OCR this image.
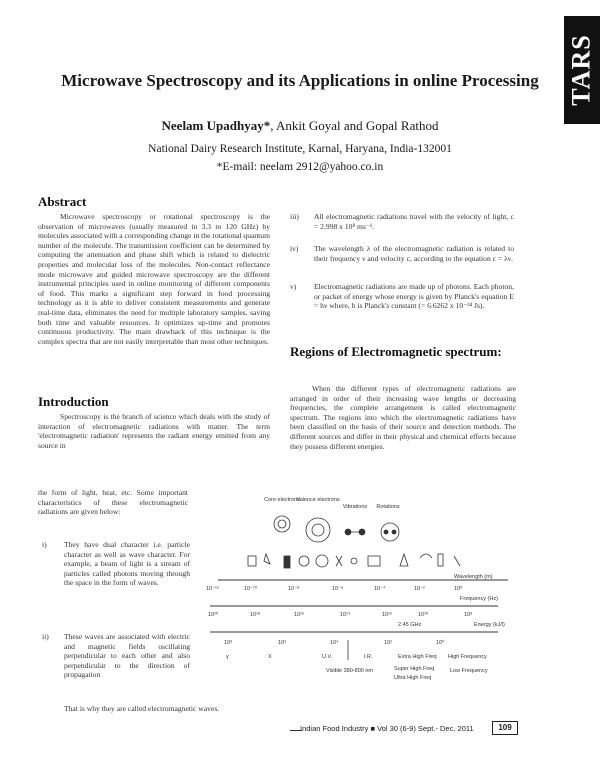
TARS
Microwave Spectroscopy and its Applications in online Processing
Neelam Upadhyay*, Ankit Goyal and Gopal Rathod
National Dairy Research Institute, Karnal, Haryana, India-132001
*E-mail: neelam 2912@yahoo.co.in
Abstract
Microwave spectroscopy or rotational spectroscopy is the observation of microwaves (usually measured in 3.3 to 120 GHz) by molecules associated with a corresponding change in the rotational quantum number of the molecule. The transmission coefficient can be determined by computing the attenuation and phase shift which is related to dielectric properties and molecular loss of the molecules. Non-contact reflectance mode microwave and guided microwave spectroscopy are the different instrumental principles used in online monitoring of different components of food. This marks a significant step forward in food processing technology as it is able to deliver consistent measurements and generate real-time data, eliminates the need for multiple laboratory samples, saving both time and valuable resources. It optimizes up-time and promotes continuous productivity. The main drawback of this technique is the complex spectra that are not easily interpretable than most other techniques.
Introduction
Spectroscopy is the branch of science which deals with the study of interaction of electromagnetic radiations with matter. The term 'electromagnetic radiation' represents the radiant energy emitted from any source in
the form of light, heat, etc. Some important characteristics of these electromagnetic radiations are given below:
i) They have dual character i.e. particle character as well as wave character. For example, a beam of light is a stream of particles called photons moving through the space in the form of waves.
ii) These waves are associated with electric and magnetic fields oscillating perpendicular to each other and also perpendicular to the direction of propagation
That is why they are called electromagnetic waves.
iii) All electromagnetic radiations travel with the velocity of light, c = 2.998 x 10⁸ ms⁻¹.
iv) The wavelength λ of the electromagnetic radiation is related to their frequency ν and velocity c, according to the equation c = λν.
v) Electromagnetic radiations are made up of photons. Each photon, or packet of energy whose energy is given by Planck's equation E = hν where, h is Planck's constant (= 6.6262 x 10⁻³⁴ Js).
Regions of Electromagnetic spectrum:
When the different types of electromagnetic radiations are arranged in order of their increasing wave lengths or decreasing frequencies, the complete arrangement is called electromagnetic spectrum. The regions into which the electromagnetic radiations have been classified on the basis of their source and detection methods. The different sources and differ in their physical and chemical effects because they possess different energies.
Core electrons
Valence electrons
Vibrations Rotations
Wavelength (m)
10⁻¹²	10⁻¹⁰	10⁻⁸	10⁻⁶	10⁻⁴	10⁻²	10⁰
Frequency (Hz)
10²⁰	10¹⁸	10¹⁶	10¹⁴	10¹²	10¹⁰	10⁸
2.45 GHz	Energy (kJ/l)
10⁸	10⁶	10⁴	10²	10⁰
γ	X	U.V.	I.R.	Extra High Freq High Frequency
Visible 380-800 nm	Super High Freq
Ultra High Freq
Low Frequency
Indian Food Industry ■ Vol 30 (6-9) Sept.- Dec. 2011	109
